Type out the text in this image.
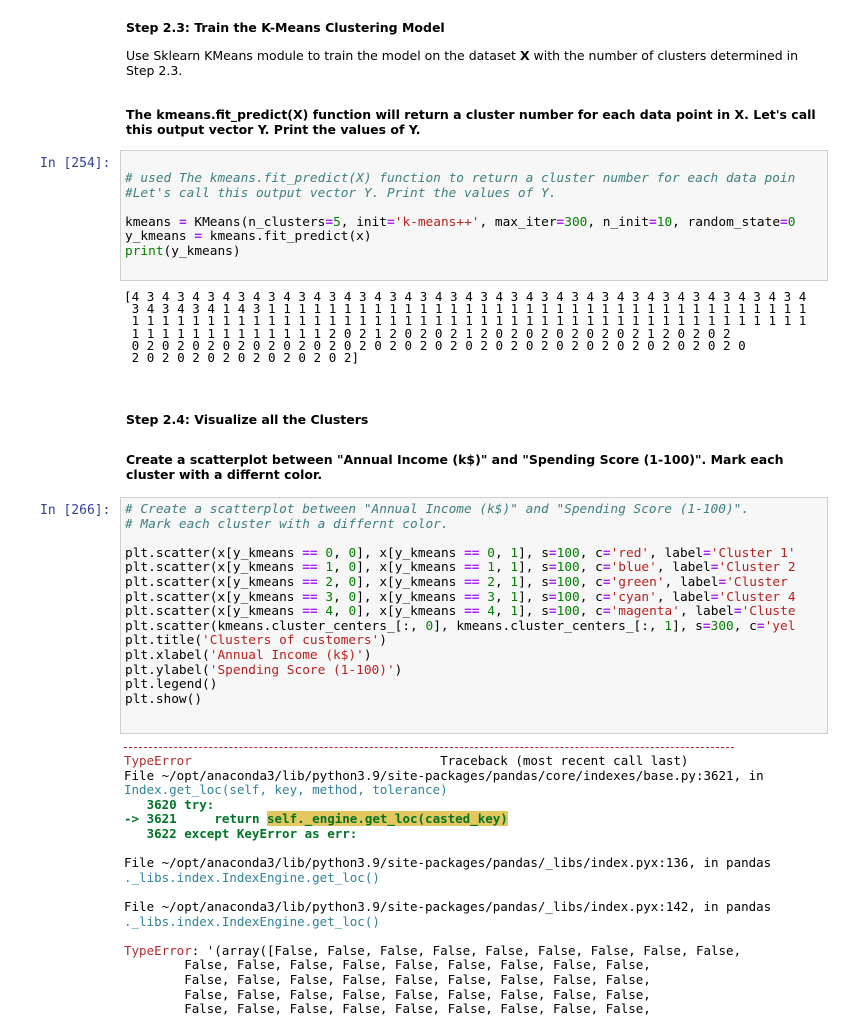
Step 2.3: Train the K-Means Clustering Model
Use Sklearn KMeans module to train the model on the dataset X with the number of clusters determined in Step 2.3.
The kmeans.fit_predict(X) function will return a cluster number for each data point in X. Let's call this output vector Y. Print the values of Y.
In [254]:
# used The kmeans.fit_predict(X) function to return a cluster number for each data poin
#Let's call this output vector Y. Print the values of Y.

kmeans = KMeans(n_clusters=5, init='k-means++', max_iter=300, n_init=10, random_state=0
y_kmeans = kmeans.fit_predict(x)
print(y_kmeans)
[4 3 4 3 4 3 4 3 4 3 4 3 4 3 4 3 4 3 4 3 4 3 4 3 4 3 4 3 4 3 4 3 4 3 4 3 4 3 4 3 4 3 4 3 4
3 4 3 4 3 4 1 4 3 1 1 1 1 1 1 1 1 1 1 1 1 1 1 1 1 1 1 1 1 1 1 1 1 1 1 1 1 1 1 1 1 1 1 1 1
1 1 1 1 1 1 1 1 1 1 1 1 1 1 1 1 1 1 1 1 1 1 1 1 1 1 1 1 1 1 1 1 1 1 1 1 1 1 1 1 1 1 1 1 1
1 1 1 1 1 1 1 1 1 1 1 1 1 2 0 2 1 2 0 2 0 2 1 2 0 2 0 2 0 2 0 2 0 2 1 2 0 2 0 2
0 2 0 2 0 2 0 2 0 2 0 2 0 2 0 2 0 2 0 2 0 2 0 2 0 2 0 2 0 2 0 2 0 2 0 2 0 2 0 2 0
2 0 2 0 2 0 2 0 2 0 2 0 2 0 2]
Step 2.4: Visualize all the Clusters
Create a scatterplot between "Annual Income (k$)" and "Spending Score (1-100)". Mark each cluster with a differnt color.
In [266]:	# Create a scatterplot between "Annual Income (k$)" and "Spending Score (1-100)".
# Mark each cluster with a differnt color.

plt.scatter(x[y_kmeans == 0, 0], x[y_kmeans == 0, 1], s=100, c='red', label='Cluster 1'
plt.scatter(x[y_kmeans == 1, 0], x[y_kmeans == 1, 1], s=100, c='blue', label='Cluster 2
plt.scatter(x[y_kmeans == 2, 0], x[y_kmeans == 2, 1], s=100, c='green', label='Cluster
plt.scatter(x[y_kmeans == 3, 0], x[y_kmeans == 3, 1], s=100, c='cyan', label='Cluster 4
plt.scatter(x[y_kmeans == 4, 0], x[y_kmeans == 4, 1], s=100, c='magenta', label='Cluste
plt.scatter(kmeans.cluster_centers_[:, 0], kmeans.cluster_centers_[:, 1], s=300, c='yel
plt.title('Clusters of customers')
plt.xlabel('Annual Income (k$)')
plt.ylabel('Spending Score (1-100)')
plt.legend()
plt.show()
TypeError	Traceback (most recent call last)
File ~/opt/anaconda3/lib/python3.9/site-packages/pandas/core/indexes/base.py:3621, in
Index.get_loc(self, key, method, tolerance)
3620 try:
-> 3621	return self._engine.get_loc(casted_key)
3622 except KeyError as err:

File ~/opt/anaconda3/lib/python3.9/site-packages/pandas/_libs/index.pyx:136, in pandas
._libs.index.IndexEngine.get_loc()

File ~/opt/anaconda3/lib/python3.9/site-packages/pandas/_libs/index.pyx:142, in pandas
._libs.index.IndexEngine.get_loc()

TypeError: '(array([False, False, False, False, False, False, False, False, False,
False, False, False, False, False, False, False, False, False,
False, False, False, False, False, False, False, False, False,
False, False, False, False, False, False, False, False, False,
False, False, False, False, False, False, False, False, False,
